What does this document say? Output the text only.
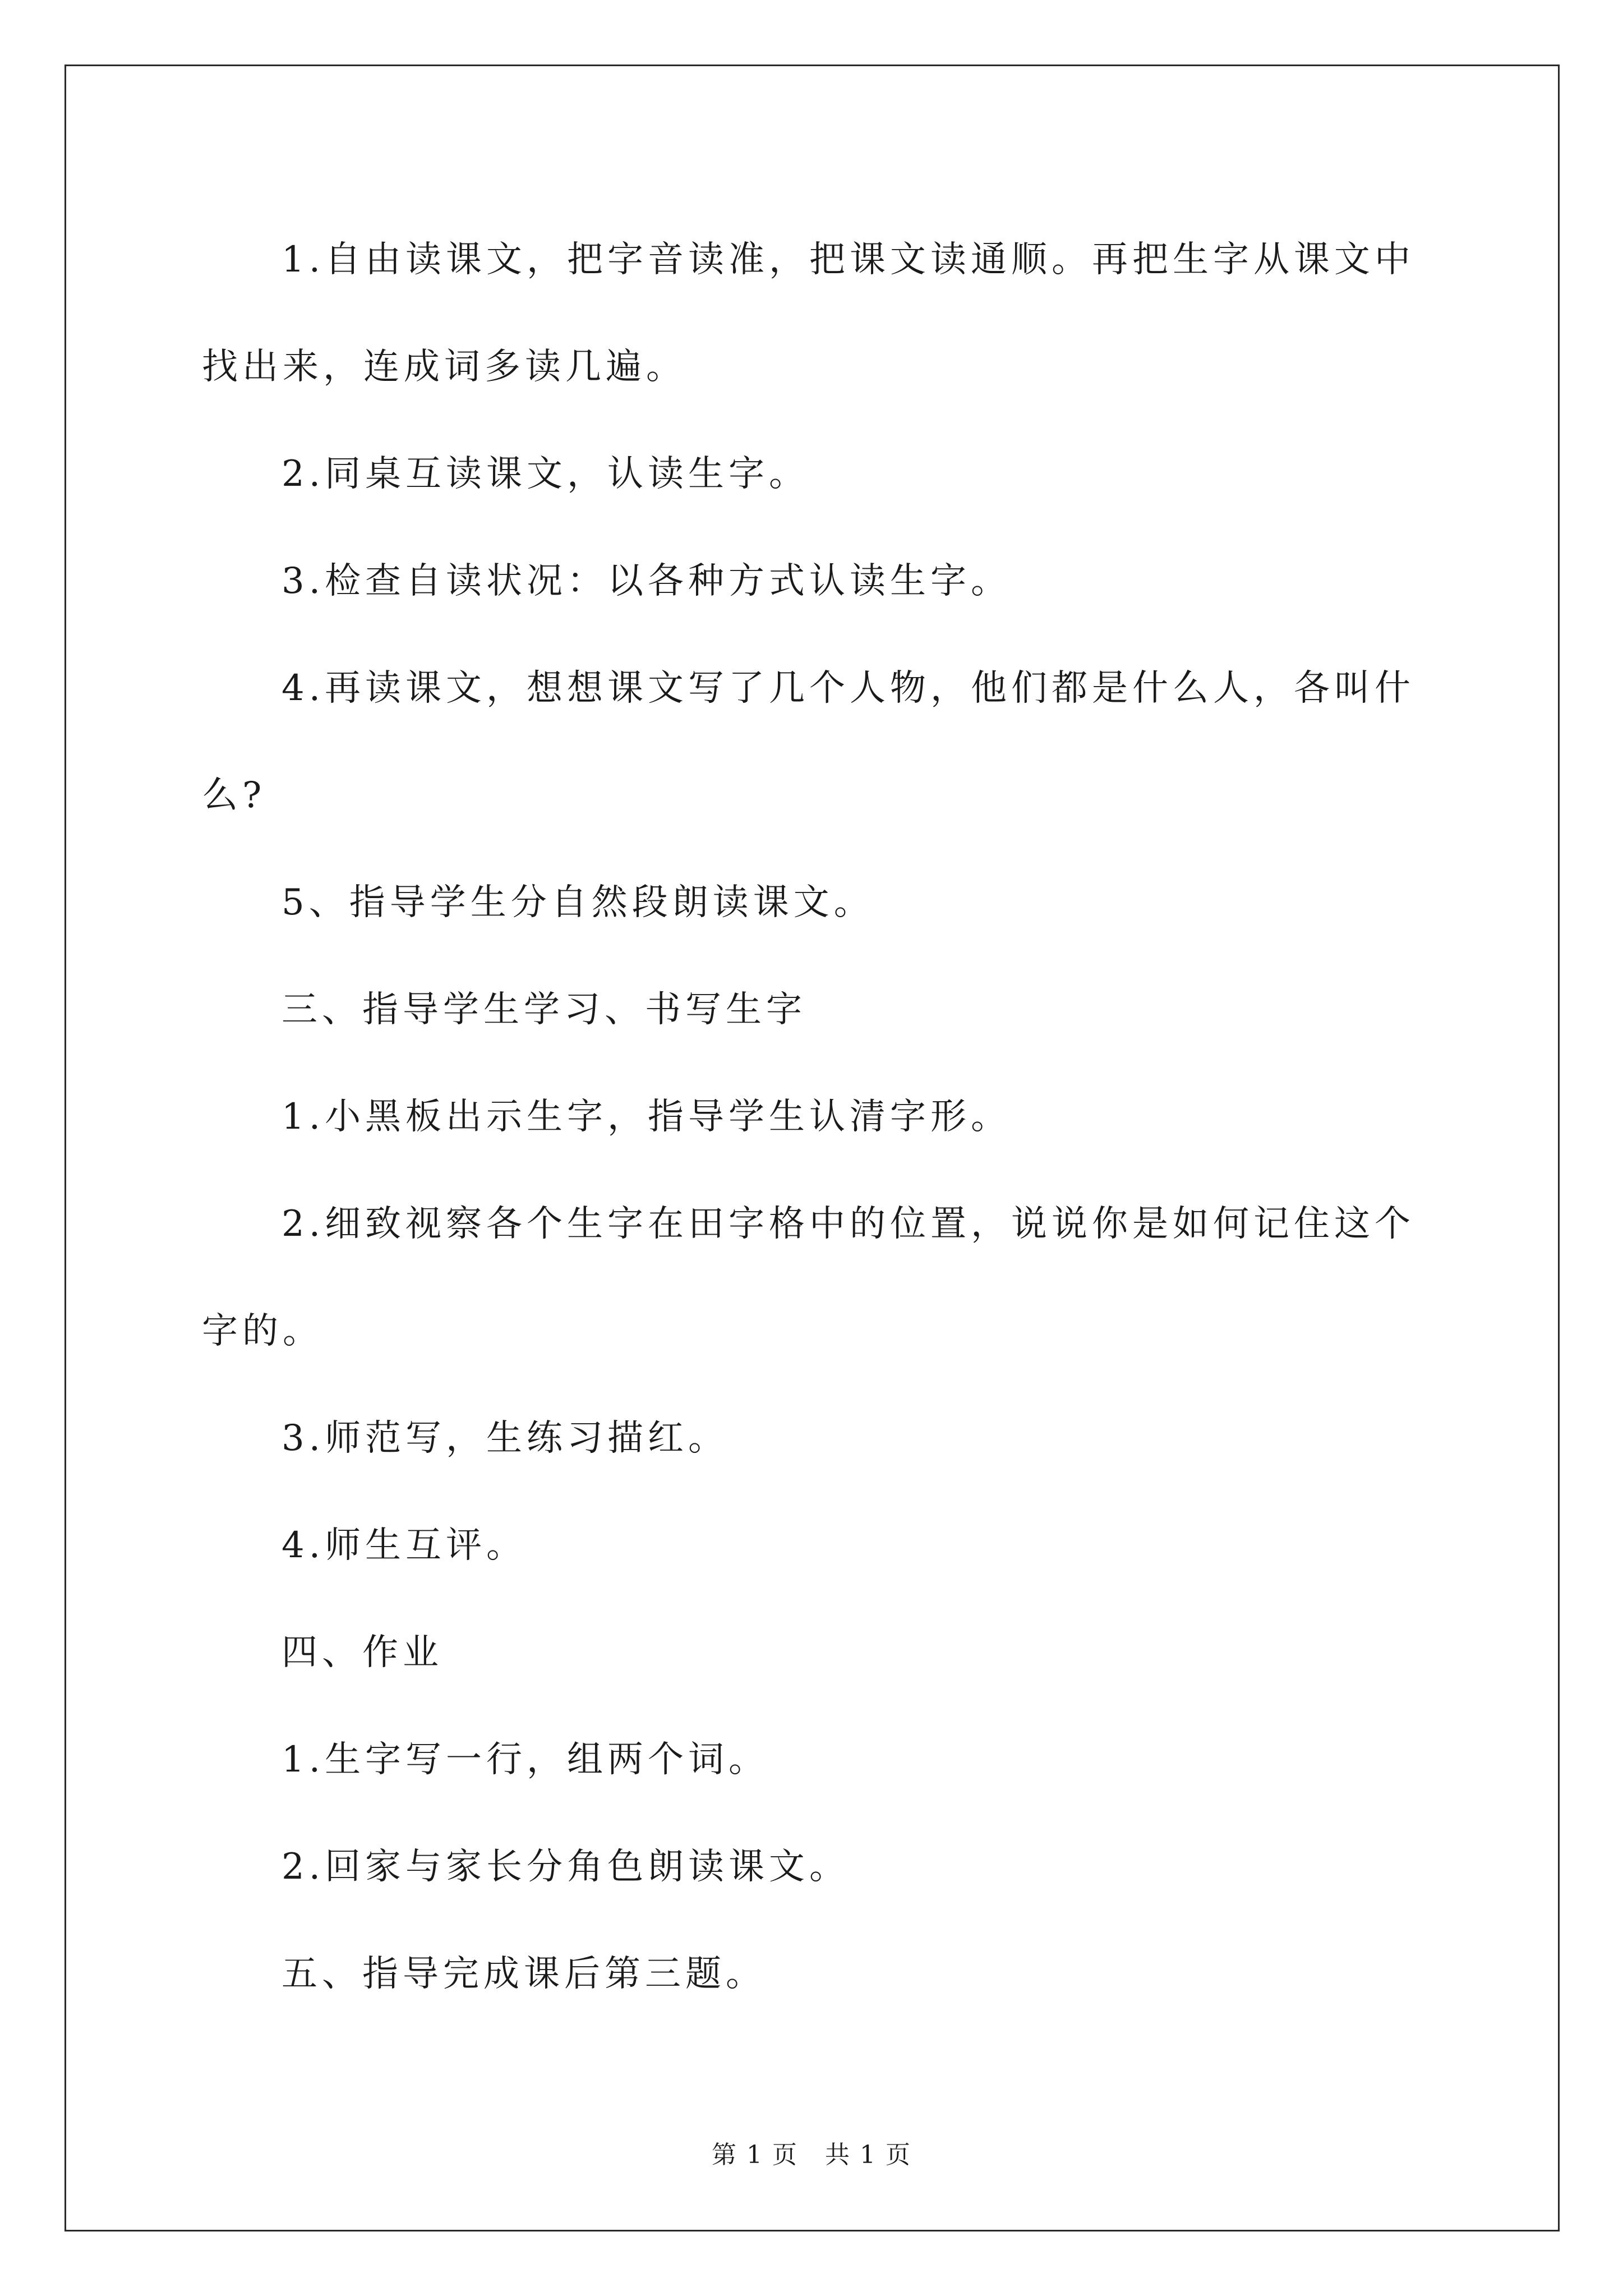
1.自由读课文，把字音读准，把课文读通顺。再把生字从课文中找出来，连成词多读几遍。

2.同桌互读课文，认读生字。

3.检查自读状况：以各种方式认读生字。

4.再读课文，想想课文写了几个人物，他们都是什么人，各叫什么?

5、指导学生分自然段朗读课文。

三、指导学生学习、书写生字

1.小黑板出示生字，指导学生认清字形。

2.细致视察各个生字在田字格中的位置，说说你是如何记住这个字的。

3.师范写，生练习描红。

4.师生互评。

四、作业

1.生字写一行，组两个词。

2.回家与家长分角色朗读课文。

五、指导完成课后第三题。

第 1 页 共 1 页
